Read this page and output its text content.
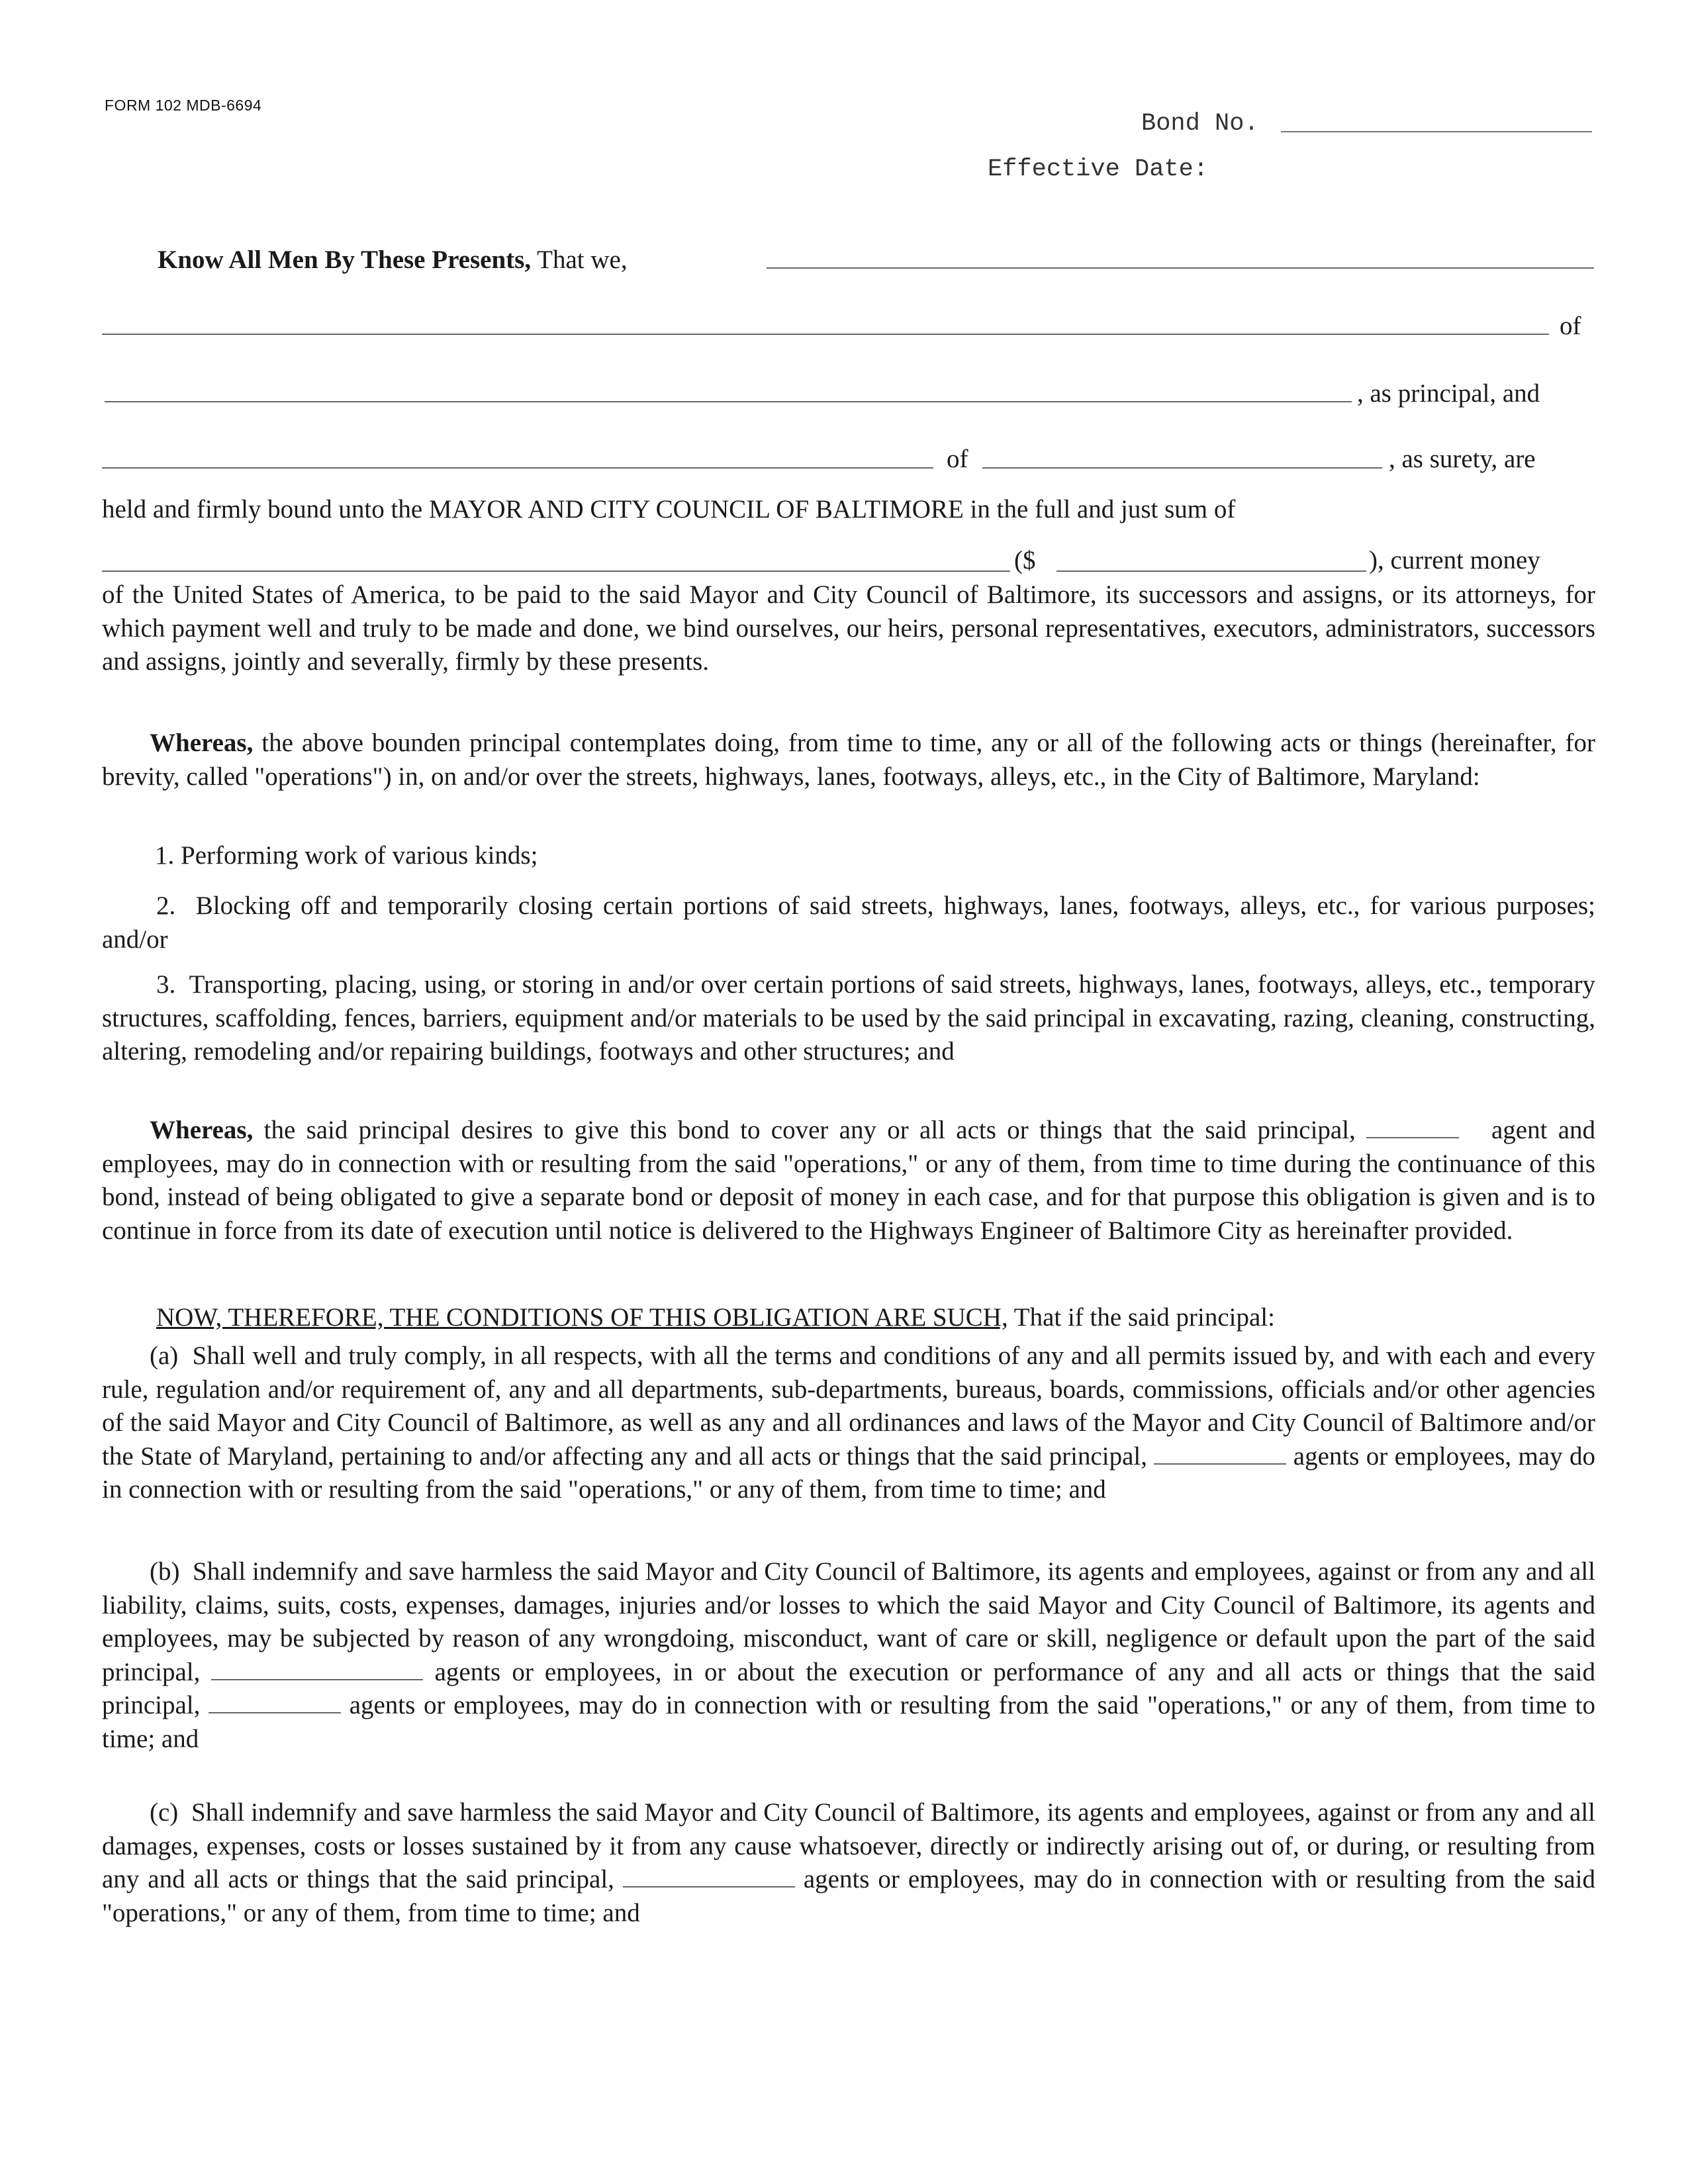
FORM 102 MDB-6694
Bond No.
Effective Date:
Know All Men By These Presents, That we,
of
, as principal, and
of	, as surety, are
held and firmly bound unto the MAYOR AND CITY COUNCIL OF BALTIMORE in the full and just sum of
($	), current money
of the United States of America, to be paid to the said Mayor and City Council of Baltimore, its successors and assigns, or its attorneys, for which payment well and truly to be made and done, we bind ourselves, our heirs, personal representatives, executors, administrators, successors and assigns, jointly and severally, firmly by these presents.
Whereas, the above bounden principal contemplates doing, from time to time, any or all of the following acts or things (hereinafter, for brevity, called "operations") in, on and/or over the streets, highways, lanes, footways, alleys, etc., in the City of Baltimore, Maryland:
1. Performing work of various kinds;
2. Blocking off and temporarily closing certain portions of said streets, highways, lanes, footways, alleys, etc., for various purposes; and/or
3. Transporting, placing, using, or storing in and/or over certain portions of said streets, highways, lanes, footways, alleys, etc., temporary structures, scaffolding, fences, barriers, equipment and/or materials to be used by the said principal in excavating, razing, cleaning, constructing, altering, remodeling and/or repairing buildings, footways and other structures; and
Whereas, the said principal desires to give this bond to cover any or all acts or things that the said principal,	agent and employees, may do in connection with or resulting from the said "operations," or any of them, from time to time during the continuance of this bond, instead of being obligated to give a separate bond or deposit of money in each case, and for that purpose this obligation is given and is to continue in force from its date of execution until notice is delivered to the Highways Engineer of Baltimore City as hereinafter provided.
NOW, THEREFORE, THE CONDITIONS OF THIS OBLIGATION ARE SUCH, That if the said principal:
(a) Shall well and truly comply, in all respects, with all the terms and conditions of any and all permits issued by, and with each and every rule, regulation and/or requirement of, any and all departments, sub-departments, bureaus, boards, commissions, officials and/or other agencies of the said Mayor and City Council of Baltimore, as well as any and all ordinances and laws of the Mayor and City Council of Baltimore and/or the State of Maryland, pertaining to and/or affecting any and all acts or things that the said principal,	agents or employees, may do in connection with or resulting from the said "operations," or any of them, from time to time; and
(b) Shall indemnify and save harmless the said Mayor and City Council of Baltimore, its agents and employees, against or from any and all liability, claims, suits, costs, expenses, damages, injuries and/or losses to which the said Mayor and City Council of Baltimore, its agents and employees, may be subjected by reason of any wrongdoing, misconduct, want of care or skill, negligence or default upon the part of the said principal,	agents or employees, in or about the execution or performance of any and all acts or things that the said principal,	agents or employees, may do in connection with or resulting from the said "operations," or any of them, from time to time; and
(c) Shall indemnify and save harmless the said Mayor and City Council of Baltimore, its agents and employees, against or from any and all damages, expenses, costs or losses sustained by it from any cause whatsoever, directly or indirectly arising out of, or during, or resulting from any and all acts or things that the said principal,	agents or employees, may do in connection with or resulting from the said "operations," or any of them, from time to time; and
